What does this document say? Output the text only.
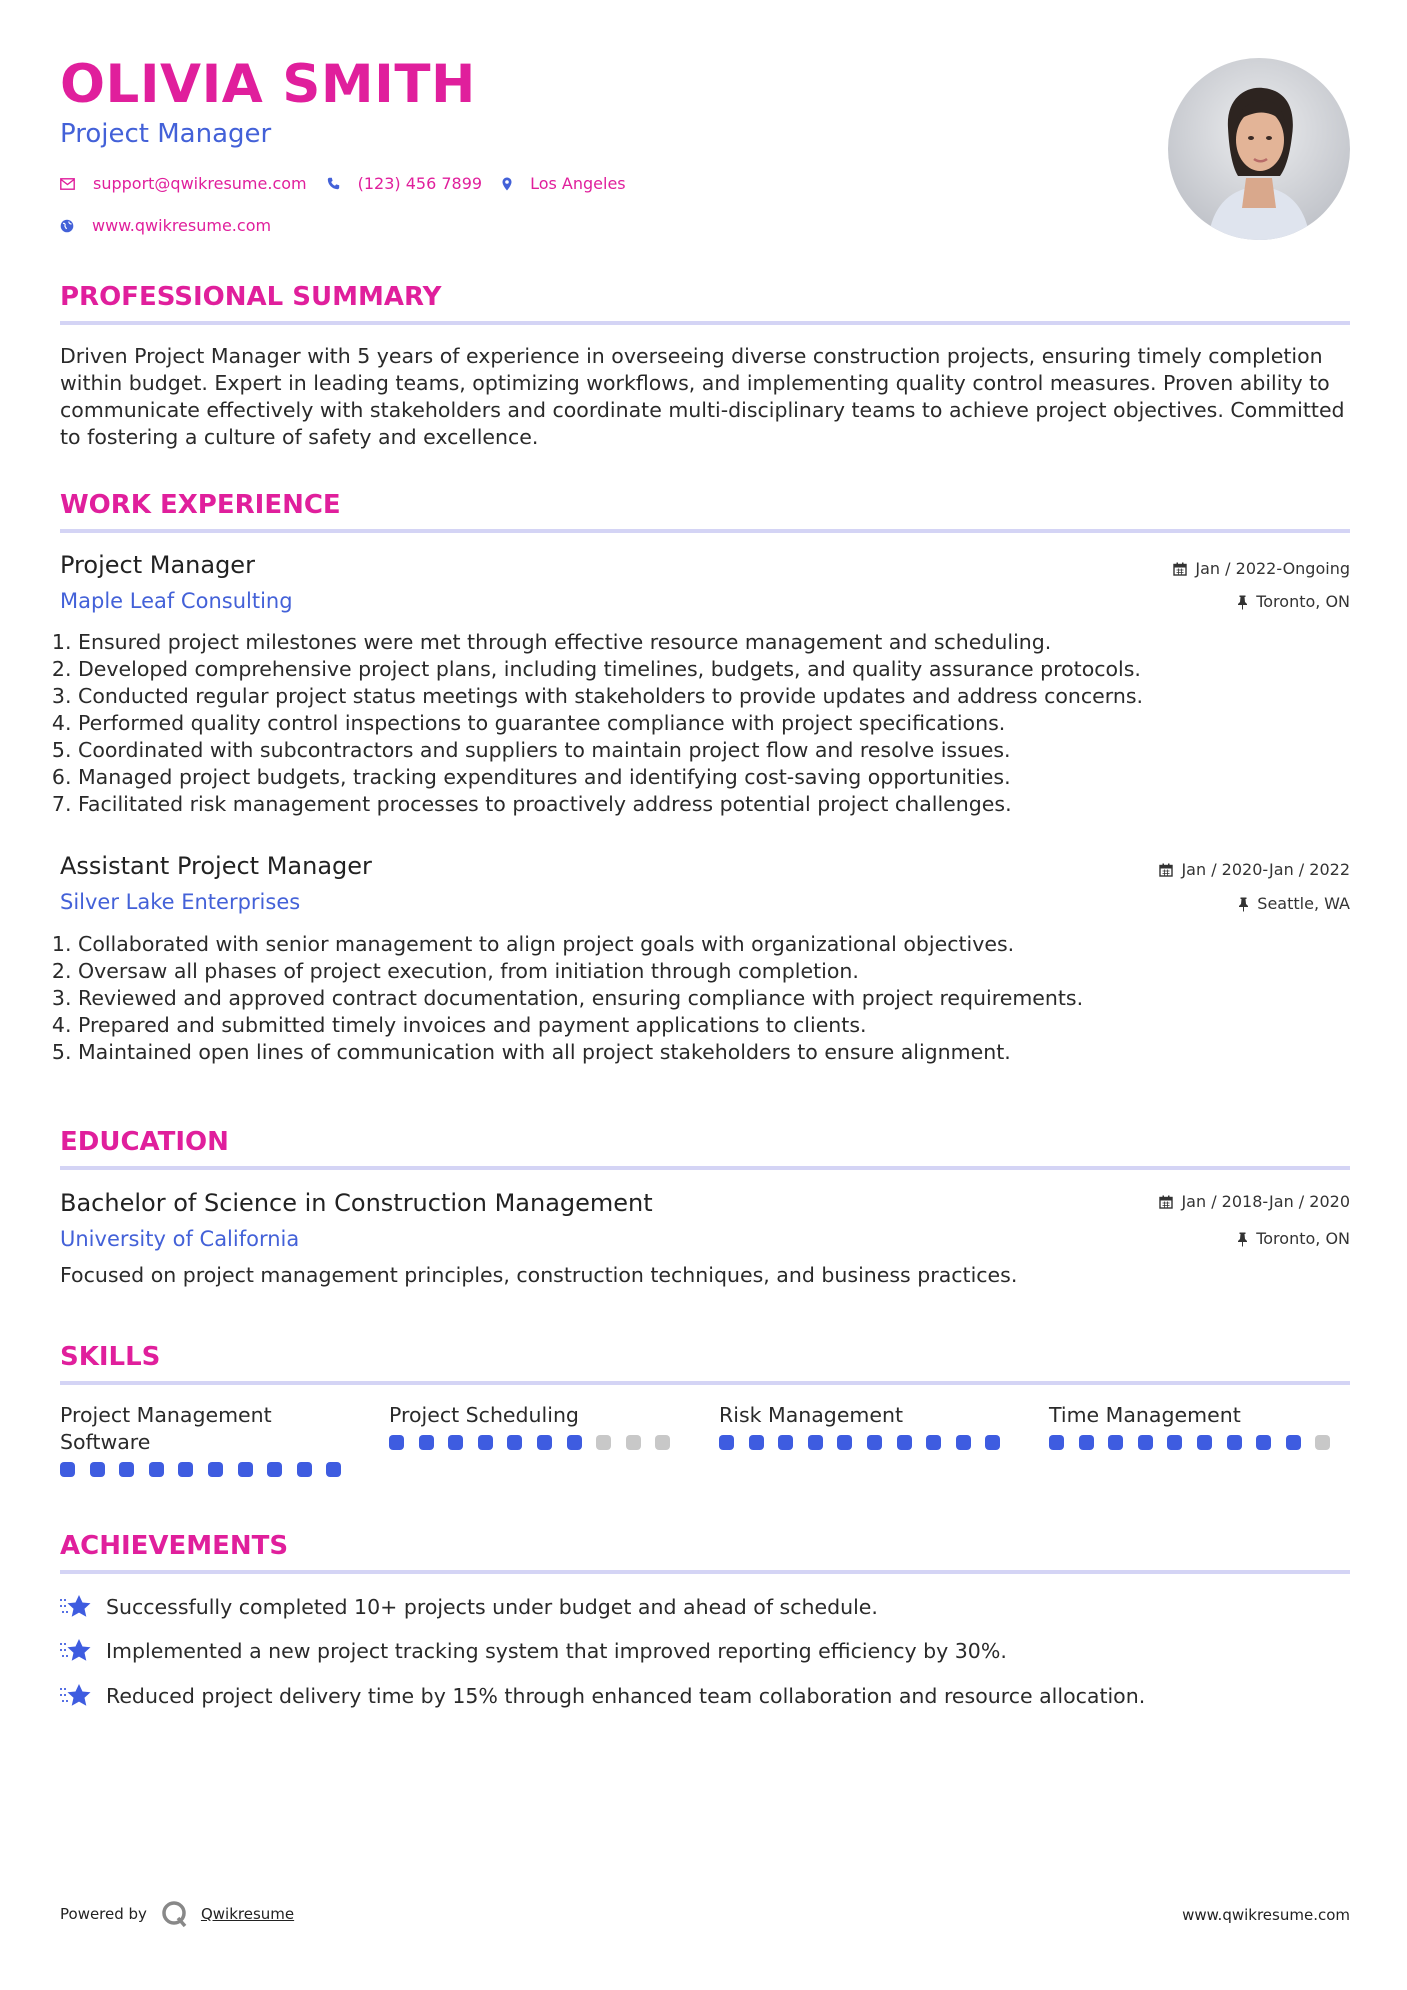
OLIVIA SMITH
Project Manager
support@qwikresume.com	(123) 456 7899	Los Angeles
www.qwikresume.com
PROFESSIONAL SUMMARY
Driven Project Manager with 5 years of experience in overseeing diverse construction projects, ensuring timely completion within budget. Expert in leading teams, optimizing workflows, and implementing quality control measures. Proven ability to communicate effectively with stakeholders and coordinate multi-disciplinary teams to achieve project objectives. Committed to fostering a culture of safety and excellence.
WORK EXPERIENCE
Project Manager
Maple Leaf Consulting
Jan / 2022-Ongoing
Toronto, ON
1. Ensured project milestones were met through effective resource management and scheduling.
2. Developed comprehensive project plans, including timelines, budgets, and quality assurance protocols.
3. Conducted regular project status meetings with stakeholders to provide updates and address concerns.
4. Performed quality control inspections to guarantee compliance with project specifications.
5. Coordinated with subcontractors and suppliers to maintain project flow and resolve issues.
6. Managed project budgets, tracking expenditures and identifying cost-saving opportunities.
7. Facilitated risk management processes to proactively address potential project challenges.
Assistant Project Manager
Silver Lake Enterprises
Jan / 2020-Jan / 2022
Seattle, WA
1. Collaborated with senior management to align project goals with organizational objectives.
2. Oversaw all phases of project execution, from initiation through completion.
3. Reviewed and approved contract documentation, ensuring compliance with project requirements.
4. Prepared and submitted timely invoices and payment applications to clients.
5. Maintained open lines of communication with all project stakeholders to ensure alignment.
EDUCATION
Bachelor of Science in Construction Management
University of California
Jan / 2018-Jan / 2020
Toronto, ON
Focused on project management principles, construction techniques, and business practices.
SKILLS
Project Management Software
Project Scheduling	Risk Management	Time Management
ACHIEVEMENTS
Successfully completed 10+ projects under budget and ahead of schedule.
Implemented a new project tracking system that improved reporting efficiency by 30%.
Reduced project delivery time by 15% through enhanced team collaboration and resource allocation.
Powered by	Qwikresume	www.qwikresume.com
